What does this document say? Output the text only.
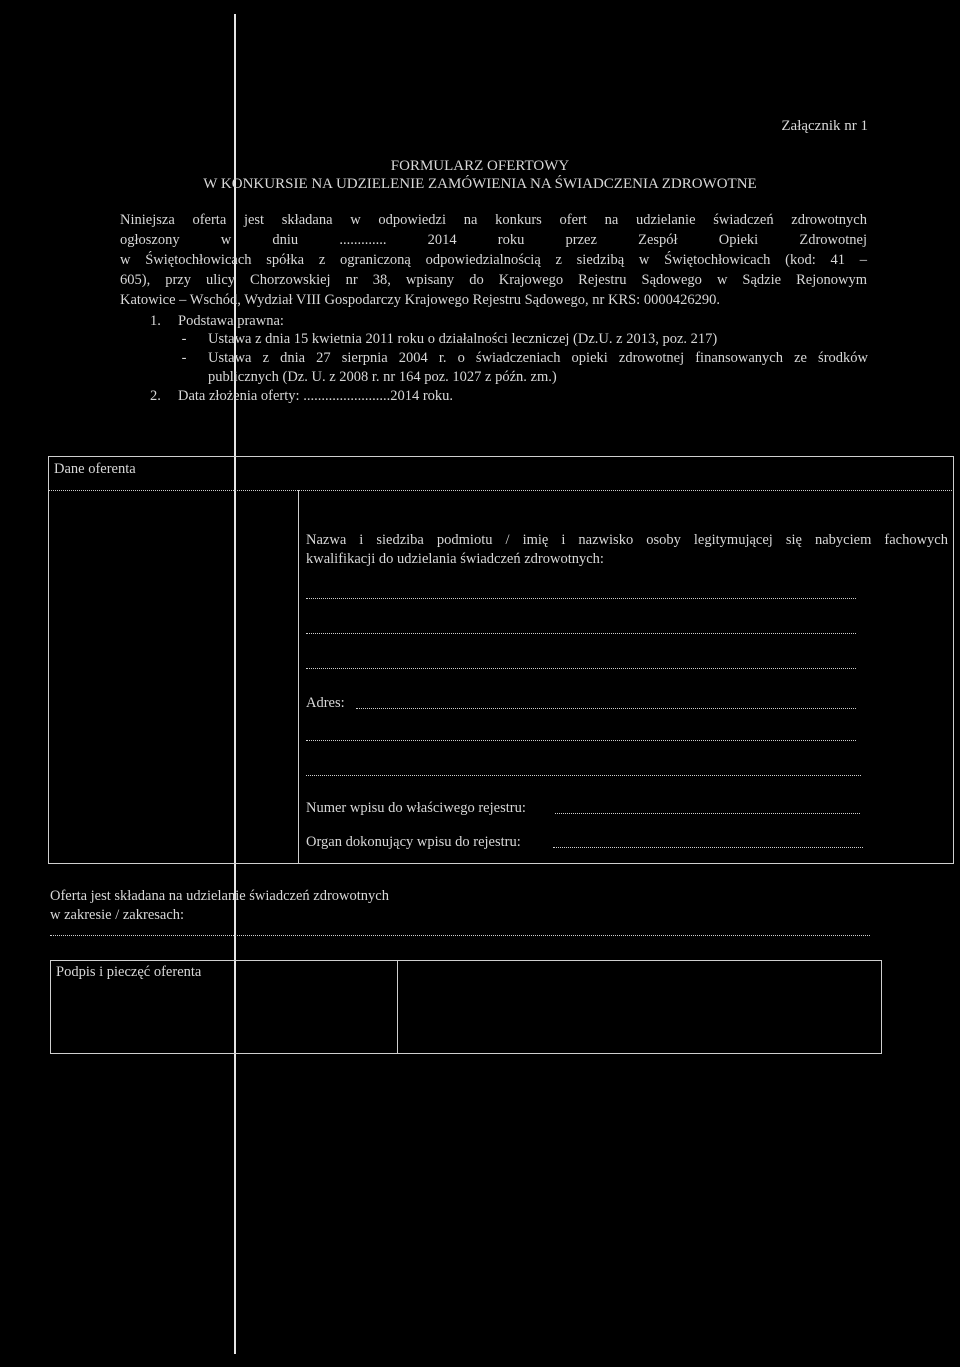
Załącznik nr 1
FORMULARZ OFERTOWY
W KONKURSIE NA UDZIELENIE ZAMÓWIENIA NA ŚWIADCZENIA ZDROWOTNE
Niniejsza oferta jest składana w odpowiedzi na konkurs ofert na udzielanie świadczeń zdrowotnych
ogłoszony w dniu ............. 2014 roku przez Zespół Opieki Zdrowotnej
w Świętochłowicach spółka z ograniczoną odpowiedzialnością z siedzibą w Świętochłowicach (kod: 41 –
605), przy ulicy Chorzowskiej nr 38, wpisany do Krajowego Rejestru Sądowego w Sądzie Rejonowym
Katowice – Wschód, Wydział VIII Gospodarczy Krajowego Rejestru Sądowego, nr KRS: 0000426290.
1. Podstawa prawna:
- Ustawa z dnia 15 kwietnia 2011 roku o działalności leczniczej (Dz.U. z 2013, poz. 217)
- Ustawa z dnia 27 sierpnia 2004 r. o świadczeniach opieki zdrowotnej finansowanych ze środków
publicznych (Dz. U. z 2008 r. nr 164 poz. 1027 z późn. zm.)
2. Data złożenia oferty: ........................2014 roku.
Dane oferenta
Nazwa i siedziba podmiotu / imię i nazwisko osoby legitymującej się nabyciem fachowych
kwalifikacji do udzielania świadczeń zdrowotnych:
Adres:
Numer wpisu do właściwego rejestru:
Organ dokonujący wpisu do rejestru:
Oferta jest składana na udzielanie świadczeń zdrowotnych
w zakresie / zakresach:
Podpis i pieczęć oferenta
